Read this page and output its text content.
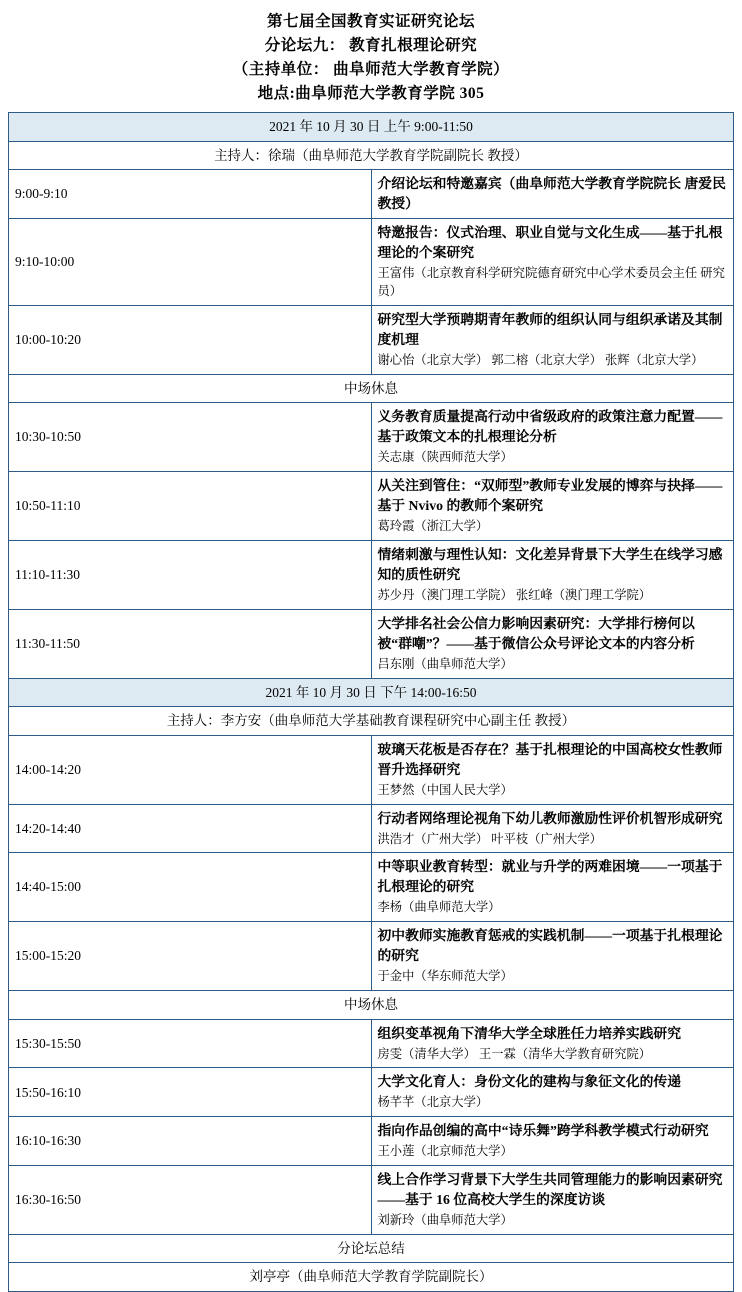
第七届全国教育实证研究论坛
分论坛九： 教育扎根理论研究
（主持单位： 曲阜师范大学教育学院）
地点:曲阜师范大学教育学院 305
2021 年 10 月 30 日 上午 9:00-11:50	
主持人：徐瑞（曲阜师范大学教育学院副院长 教授）	
9:00-9:10	介绍论坛和特邀嘉宾（曲阜师范大学教育学院院长 唐爱民教授）

9:10-10:00	特邀报告：仪式治理、职业自觉与文化生成——基于扎根理论的个案研究
王富伟（北京教育科学研究院德育研究中心学术委员会主任 研究员）

10:00-10:20	研究型大学预聘期青年教师的组织认同与组织承诺及其制度机理
谢心怡（北京大学） 郭二榕（北京大学） 张辉（北京大学）

中场休息	
10:30-10:50	义务教育质量提高行动中省级政府的政策注意力配置——基于政策文本的扎根理论分析
关志康（陕西师范大学）

10:50-11:10	从关注到管住：“双师型”教师专业发展的博弈与抉择——基于 Nvivo 的教师个案研究
葛玲霞（浙江大学）

11:10-11:30	情绪刺激与理性认知：文化差异背景下大学生在线学习感知的质性研究
苏少丹（澳门理工学院） 张红峰（澳门理工学院）

11:30-11:50	大学排名社会公信力影响因素研究：大学排行榜何以被“群嘲”？——基于微信公众号评论文本的内容分析
吕东刚（曲阜师范大学）

2021 年 10 月 30 日 下午 14:00-16:50	
主持人：李方安（曲阜师范大学基础教育课程研究中心副主任 教授）	
14:00-14:20	玻璃天花板是否存在？基于扎根理论的中国高校女性教师晋升选择研究
王梦然（中国人民大学）

14:20-14:40	行动者网络理论视角下幼儿教师激励性评价机智形成研究
洪浩才（广州大学） 叶平枝（广州大学）

14:40-15:00	中等职业教育转型：就业与升学的两难困境——一项基于扎根理论的研究
李杨（曲阜师范大学）

15:00-15:20	初中教师实施教育惩戒的实践机制——一项基于扎根理论的研究
于金中（华东师范大学）

中场休息	
15:30-15:50	组织变革视角下清华大学全球胜任力培养实践研究
房雯（清华大学） 王一霖（清华大学教育研究院）

15:50-16:10	大学文化育人：身份文化的建构与象征文化的传递
杨芊芊（北京大学）

16:10-16:30	指向作品创编的高中“诗乐舞”跨学科教学模式行动研究
王小莲（北京师范大学）

16:30-16:50	线上合作学习背景下大学生共同管理能力的影响因素研究——基于 16 位高校大学生的深度访谈
刘新玲（曲阜师范大学）

分论坛总结	
刘亭亭（曲阜师范大学教育学院副院长）	
